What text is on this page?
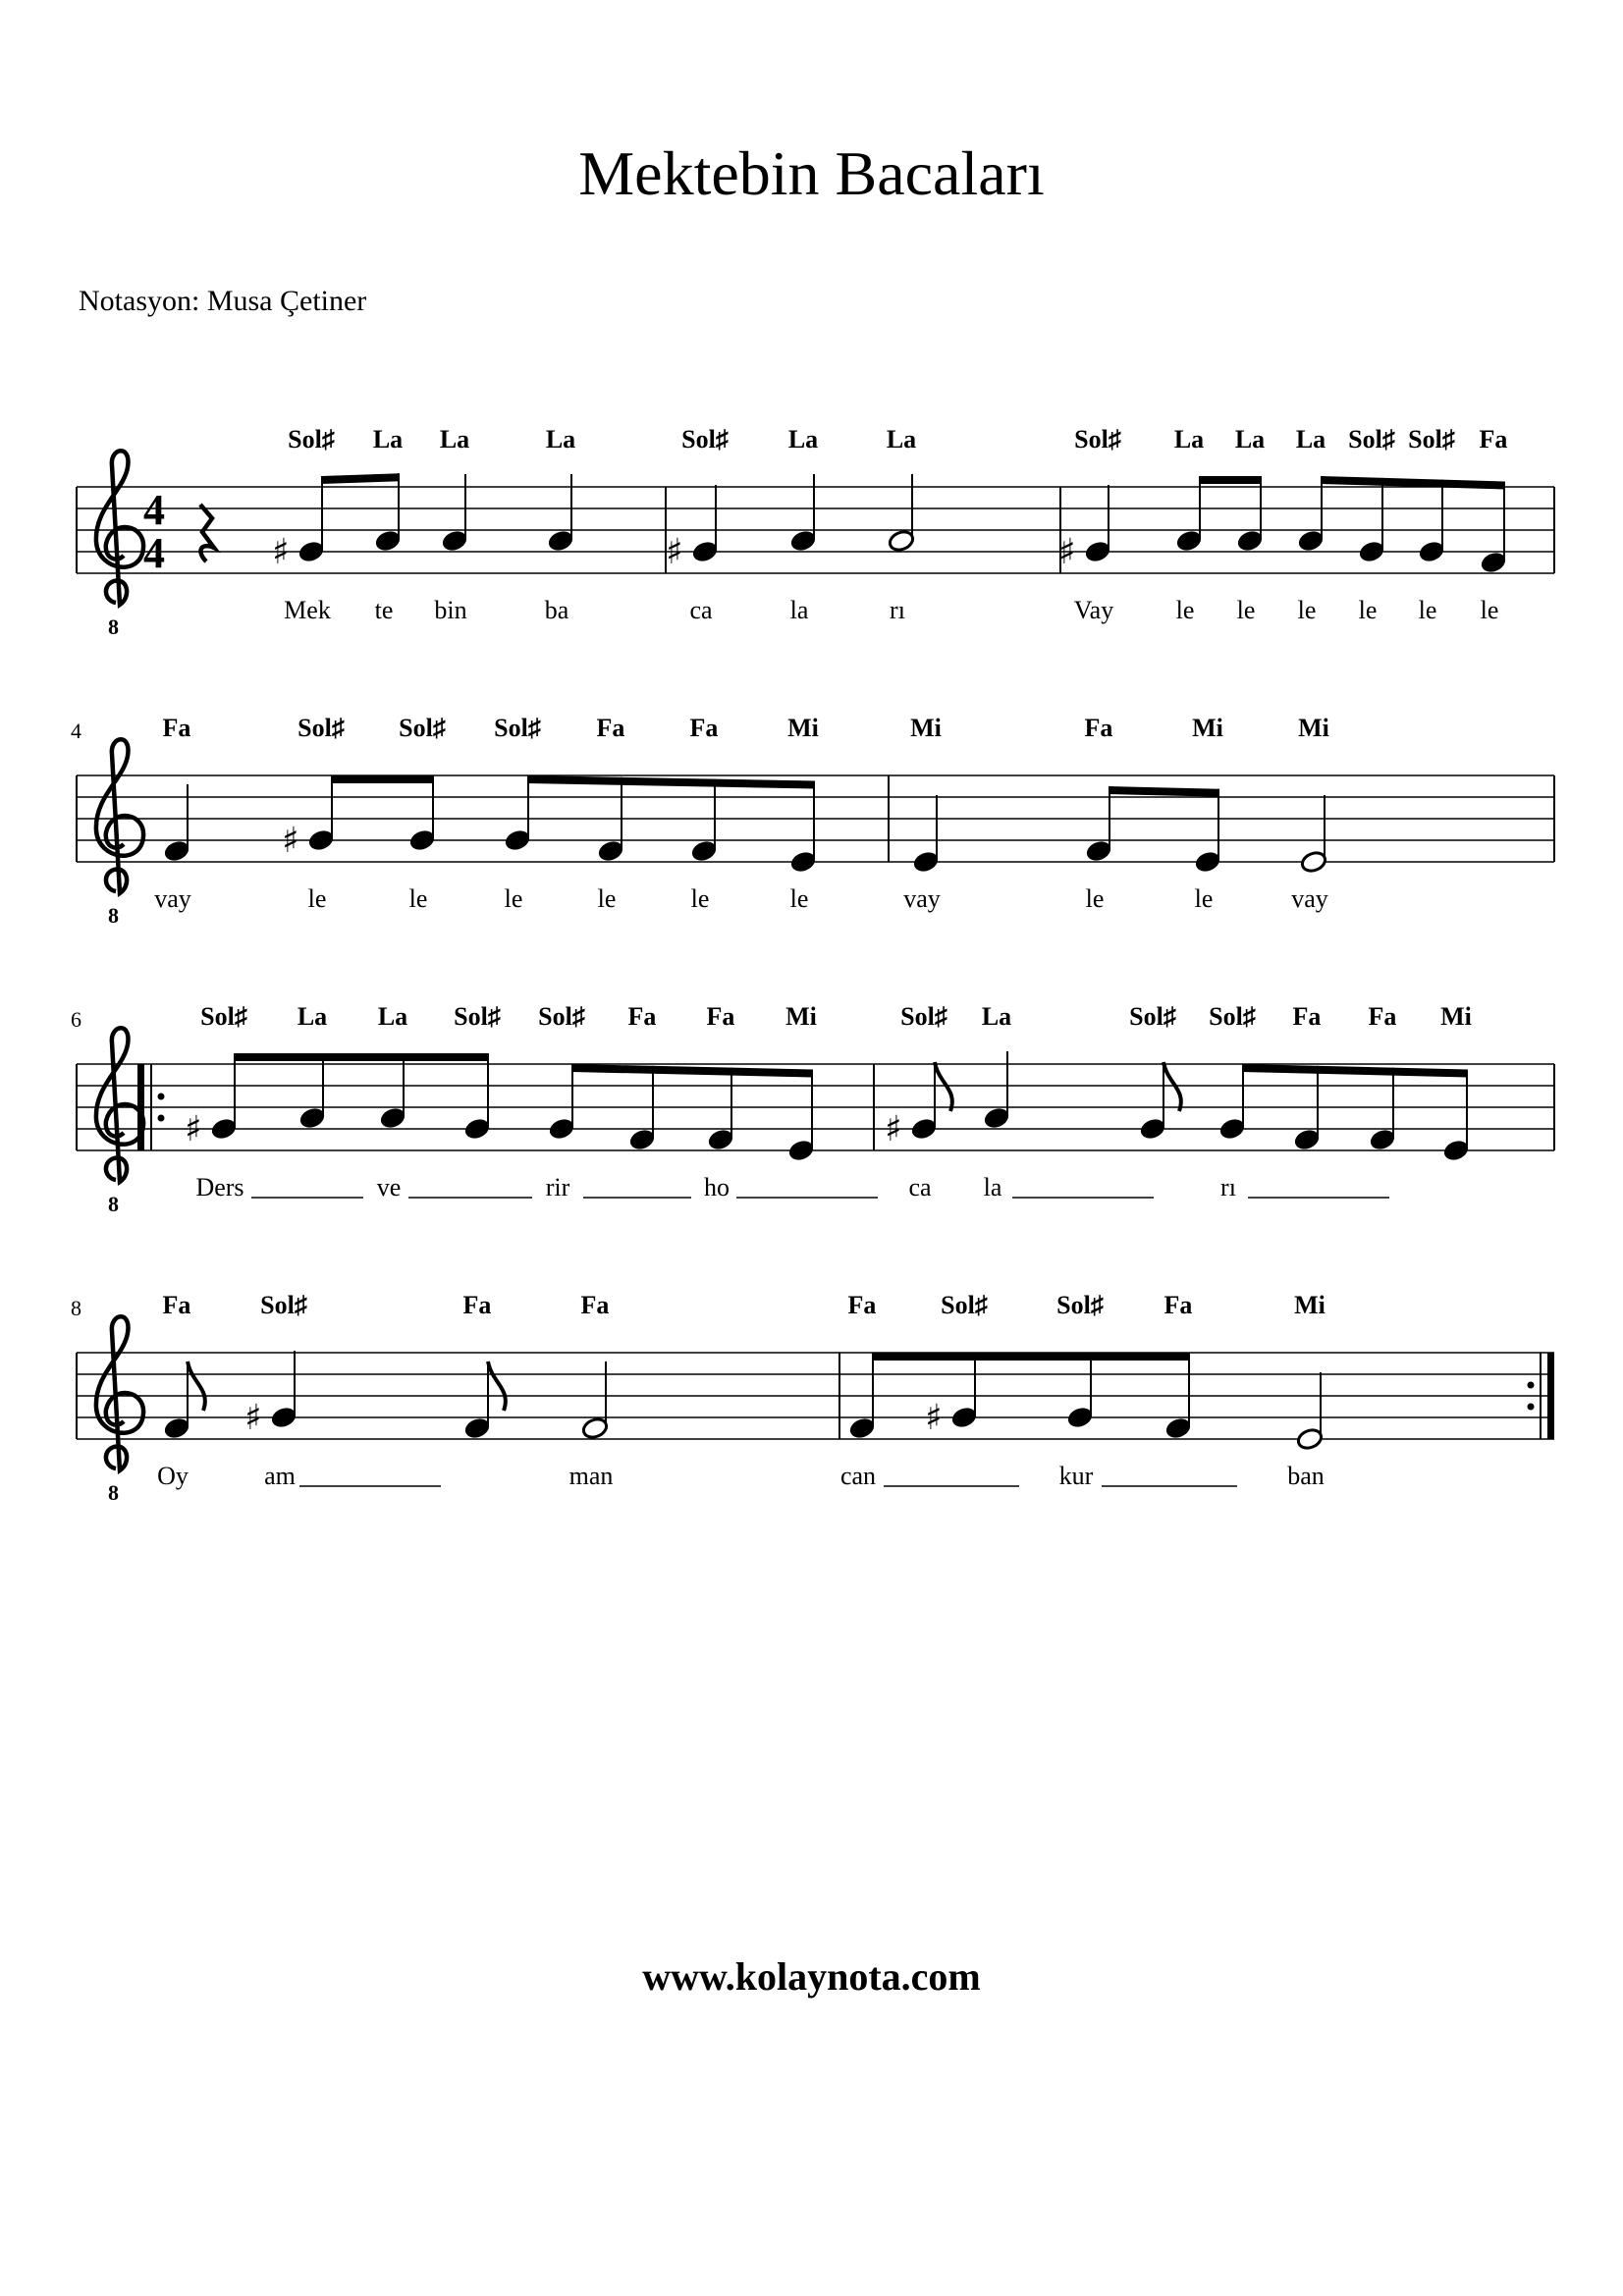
Mektebin Bacaları
Notasyon: Musa Çetiner
8
4
4	♯
Sol♯
Mek
La
te
La
bin
La
ba
♯
Sol♯
ca
La
la
La
rı
♯
Sol♯
Vay
La
le
La
le
La
le
Sol♯
le
Sol♯
le
Fa
le
8
4	Fa
vay
♯
Sol♯
le
Sol♯
le
Sol♯
le
Fa
le
Fa
le
Mi
le
Mi
vay
Fa
le
Mi
le
Mi
vay
8
6
♯
Sol♯
Ders
La La
ve
Sol♯ Sol♯
rir
Fa Fa
ho
Mi
♯
Sol♯
ca
La
la
Sol♯ Sol♯
rı
Fa Fa Mi
8
8	Fa
Oy
♯
Sol♯
am
Fa	Fa
man
Fa
can
♯
Sol♯	Sol♯
kur
Fa	Mi
ban
www.kolaynota.com
